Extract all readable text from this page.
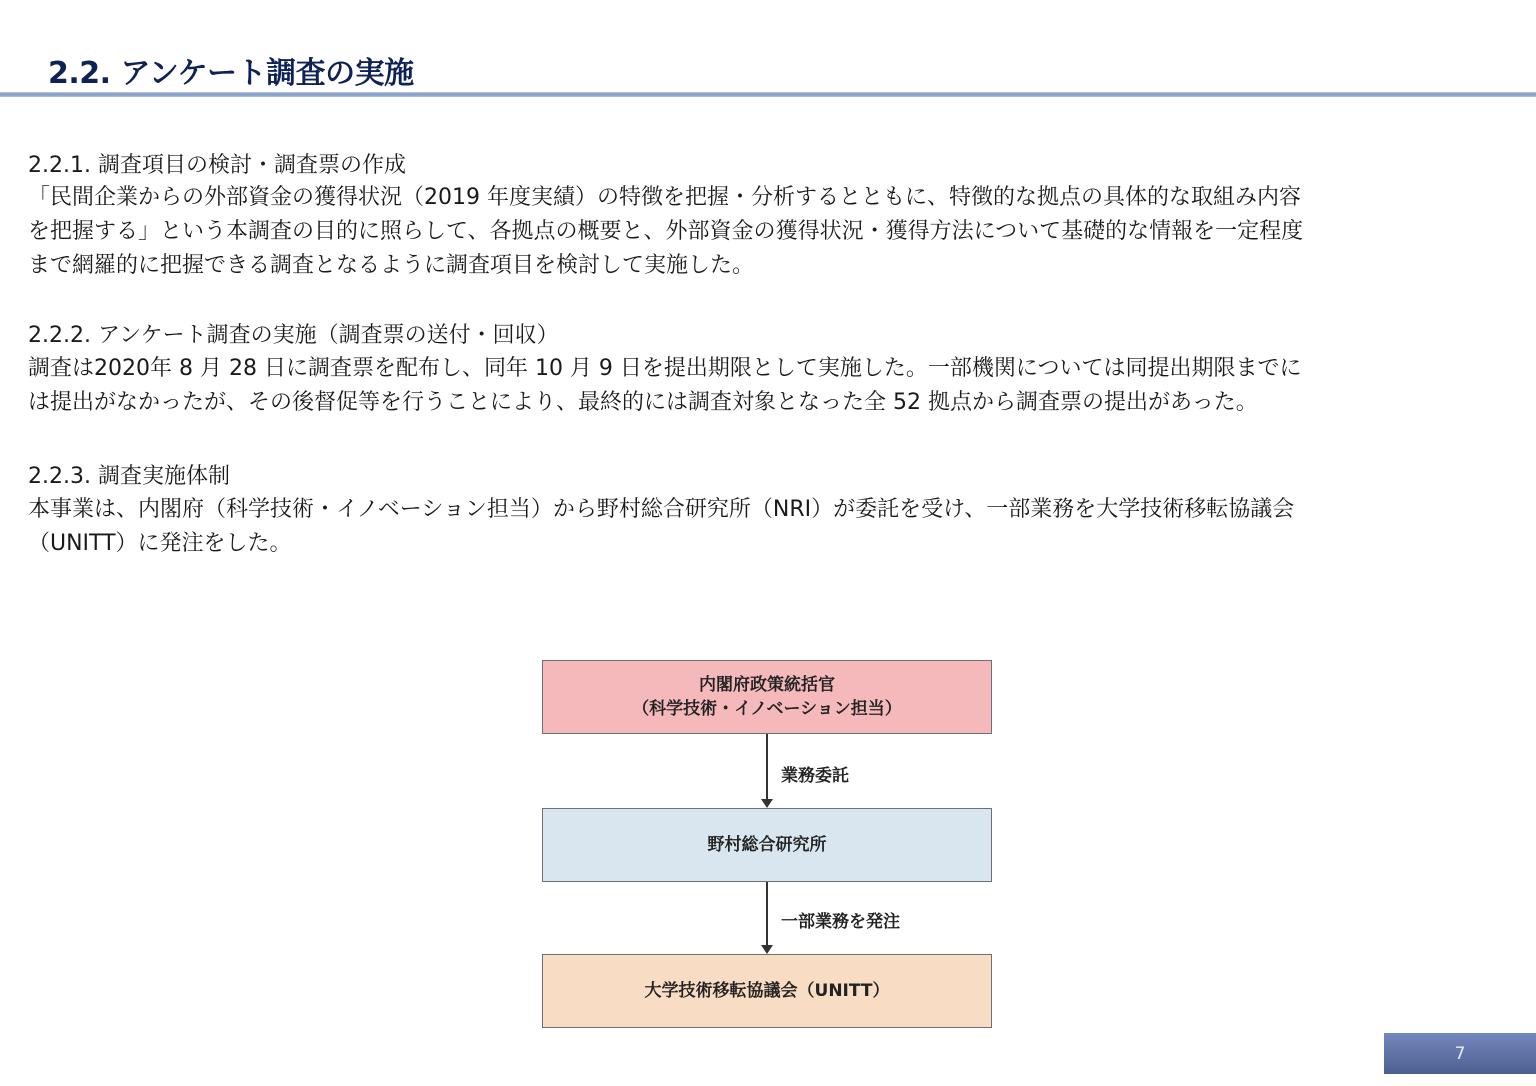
2.2. アンケート調査の実施
2.2.1. 調査項目の検討・調査票の作成
「民間企業からの外部資金の獲得状況（2019 年度実績）の特徴を把握・分析するとともに、特徴的な拠点の具体的な取組み内容
を把握する」という本調査の目的に照らして、各拠点の概要と、外部資金の獲得状況・獲得方法について基礎的な情報を一定程度
まで網羅的に把握できる調査となるように調査項目を検討して実施した。
2.2.2. アンケート調査の実施（調査票の送付・回収）
調査は2020年 8 月 28 日に調査票を配布し、同年 10 月 9 日を提出期限として実施した。一部機関については同提出期限までに
は提出がなかったが、その後督促等を行うことにより、最終的には調査対象となった全 52 拠点から調査票の提出があった。
2.2.3. 調査実施体制
本事業は、内閣府（科学技術・イノベーション担当）から野村総合研究所（NRI）が委託を受け、一部業務を大学技術移転協議会
（UNITT）に発注をした。
内閣府政策統括官
（科学技術・イノベーション担当）
業務委託
野村総合研究所
一部業務を発注
大学技術移転協議会（UNITT）
7
